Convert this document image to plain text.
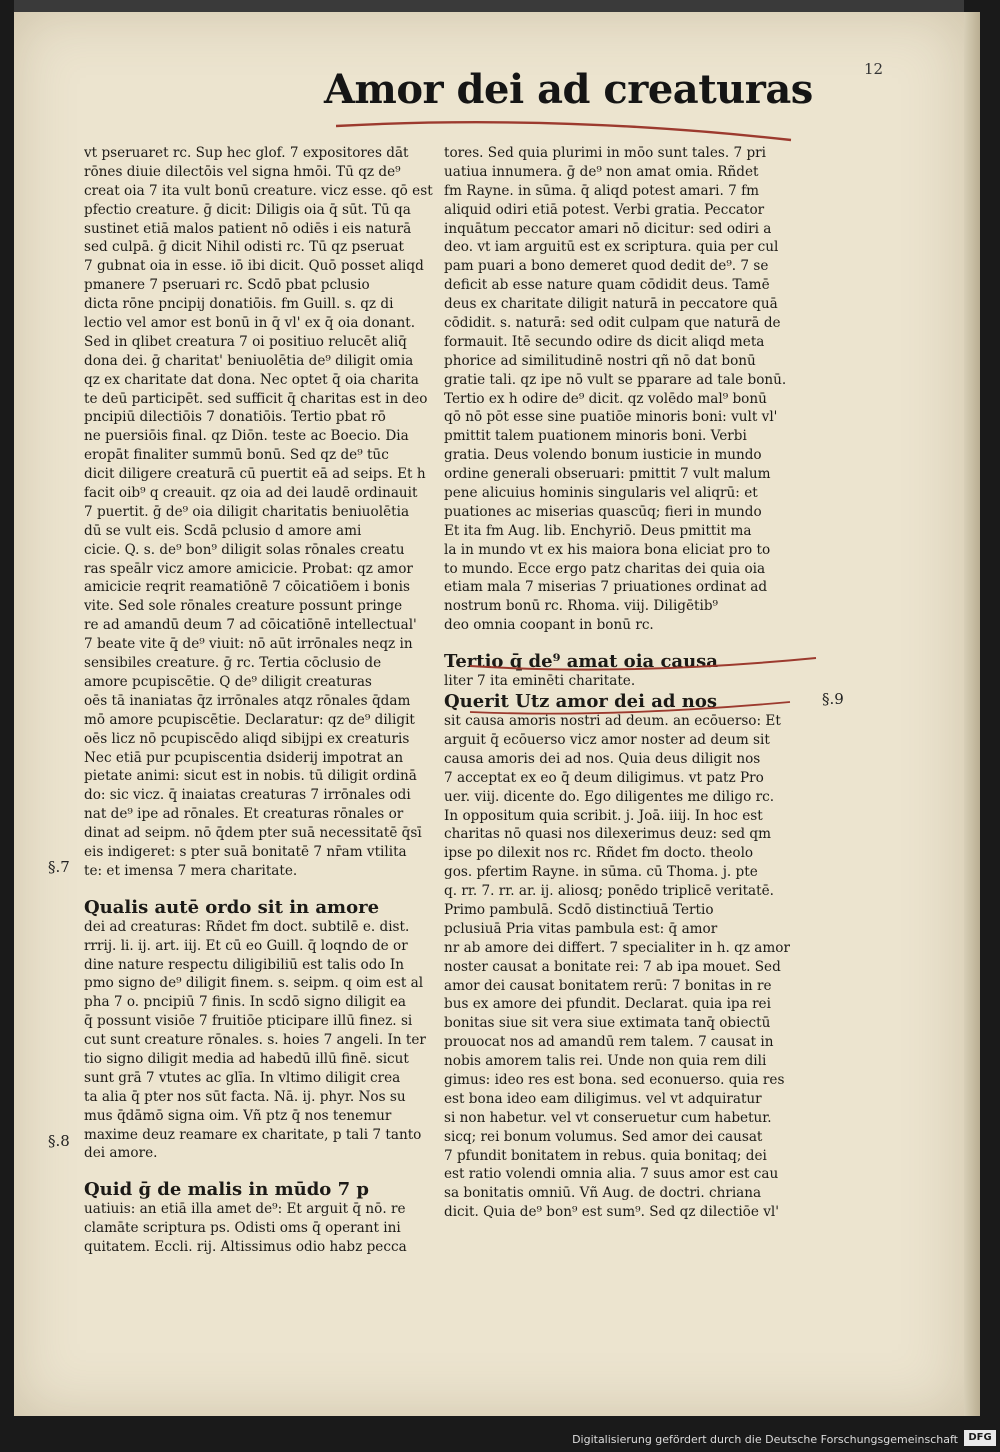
12
Amor dei ad creaturas
vt pseruaret rc. Sup hec glof. 7 expositores dāt
rōnes diuie dilectōis vel signa hmōi. Tū qz de⁹
creat oia 7 ita vult bonū creature. vicz esse. qō est
pfectio creature. ḡ dicit: Diligis oia q̄ sūt. Tū qa
sustinet etiā malos patient nō odiēs i eis naturā
sed culpā. ḡ dicit Nihil odisti rc. Tū qz pseruat
7 gubnat oia in esse. iō ibi dicit. Quō posset aliqd
pmanere 7 pseruari rc. Scdō pbat pclusio
dicta rōne pncipij donatiōis. fm Guill. s. qz di
lectio vel amor est bonū in q̄ vl' ex q̄ oia donant.
Sed in qlibet creatura 7 oi positiuo relucēt aliq̄
dona dei. ḡ charitat' beniuolētia de⁹ diligit omia
qz ex charitate dat dona. Nec optet q̄ oia charita
te deū participēt. sed sufficit q̄ charitas est in deo
pncipiū dilectiōis 7 donatiōis. Tertio pbat rō
ne puersiōis final. qz Diōn. teste ac Boecio. Dia
eropāt finaliter summū bonū. Sed qz de⁹ tūc
dicit diligere creaturā cū puertit eā ad seips. Et h
facit oib⁹ q creauit. qz oia ad dei laudē ordinauit
7 puertit. ḡ de⁹ oia diligit charitatis beniuolētia
dū se vult eis. Scdā pclusio d amore ami
cicie. Q. s. de⁹ bon⁹ diligit solas rōnales creatu
ras speālr vicz amore amicicie. Probat: qz amor
amicicie reqrit reamatiōnē 7 cōicatiōem i bonis
vite. Sed sole rōnales creature possunt pringe
re ad amandū deum 7 ad cōicatiōnē intellectual'
7 beate vite q̄ de⁹ viuit: nō aūt irrōnales neqz in
sensibiles creature. ḡ rc. Tertia cōclusio de
amore pcupiscētie. Q de⁹ diligit creaturas
oēs tā inaniatas q̄z irrōnales atqz rōnales q̄dam
mō amore pcupiscētie. Declaratur: qz de⁹ diligit
oēs licz nō pcupiscēdo aliqd sibijpi ex creaturis
Nec etiā pur pcupiscentia dsiderij impotrat an
pietate animi: sicut est in nobis. tū diligit ordinā
do: sic vicz. q̄ inaiatas creaturas 7 irrōnales odi
nat de⁹ ipe ad rōnales. Et creaturas rōnales or
dinat ad seipm. nō q̄dem pter suā necessitatē q̄sī
eis indigeret: s pter suā bonitatē 7 nr̄am vtilita
te: et imensa 7 mera charitate.
Qualis autē ordo sit in amore
dei ad creaturas: Rñdet fm doct. subtilē e. dist.
rrrij. li. ij. art. iij. Et cū eo Guill. q̄ loqndo de or
dine nature respectu diligibiliū est talis odo In
pmo signo de⁹ diligit finem. s. seipm. q oim est al
pha 7 o. pncipiū 7 finis. In scdō signo diligit ea
q̄ possunt visiōe 7 fruitiōe pticipare illū finez. si
cut sunt creature rōnales. s. hoies 7 angeli. In ter
tio signo diligit media ad habedū illū finē. sicut
sunt grā 7 vtutes ac glīa. In vltimo diligit crea
ta alia q̄ pter nos sūt facta. Nā. ij. phyr. Nos su
mus q̄dāmō signa oim. Vñ ptz q̄ nos tenemur
maxime deuz reamare ex charitate, p tali 7 tanto
dei amore.
Quid ḡ de malis in mūdo 7 p
uatiuis: an etiā illa amet de⁹: Et arguit q̄ nō. re
clamāte scriptura ps. Odisti oms q̄ operant ini
quitatem. Eccli. rij. Altissimus odio habz pecca
tores. Sed quia plurimi in mōo sunt tales. 7 pri
uatiua innumera. ḡ de⁹ non amat omia. Rñdet
fm Rayne. in sūma. q̄ aliqd potest amari. 7 fm
aliquid odiri etiā potest. Verbi gratia. Peccator
inquātum peccator amari nō dicitur: sed odiri a
deo. vt iam arguitū est ex scriptura. quia per cul
pam puari a bono demeret quod dedit de⁹. 7 se
deficit ab esse nature quam cōdidit deus. Tamē
deus ex charitate diligit naturā in peccatore quā
cōdidit. s. naturā: sed odit culpam que naturā de
formauit. Itē secundo odire ds dicit aliqd meta
phorice ad similitudinē nostri qñ nō dat bonū
gratie tali. qz ipe nō vult se pparare ad tale bonū.
Tertio ex h odire de⁹ dicit. qz volēdo mal⁹ bonū
qō nō pōt esse sine puatiōe minoris boni: vult vl'
pmittit talem puationem minoris boni. Verbi
gratia. Deus volendo bonum iusticie in mundo
ordine generali obseruari: pmittit 7 vult malum
pene alicuius hominis singularis vel aliqrū: et
puationes ac miserias quascūq; fieri in mundo
Et ita fm Aug. lib. Enchyriō. Deus pmittit ma
la in mundo vt ex his maiora bona eliciat pro to
to mundo. Ecce ergo patz charitas dei quia oia
etiam mala 7 miserias 7 priuationes ordinat ad
nostrum bonū rc. Rhoma. viij. Diligētib⁹
deo omnia coopant in bonū rc.
Tertio q̄ de⁹ amat oia causa
liter 7 ita eminēti charitate.
Querit Utz amor dei ad nos
sit causa amoris nostri ad deum. an ecōuerso: Et
arguit q̄ ecōuerso vicz amor noster ad deum sit
causa amoris dei ad nos. Quia deus diligit nos
7 acceptat ex eo q̄ deum diligimus. vt patz Pro
uer. viij. dicente do. Ego diligentes me diligo rc.
In oppositum quia scribit. j. Joā. iiij. In hoc est
charitas nō quasi nos dilexerimus deuz: sed qm
ipse po dilexit nos rc. Rñdet fm docto. theolo
gos. pfertim Rayne. in sūma. cū Thoma. j. pte
q. rr. 7. rr. ar. ij. aliosq; ponēdo triplicē veritatē.
Primo pambulā. Scdō distinctiuā Tertio
pclusiuā Pria vitas pambula est: q̄ amor
nr ab amore dei differt. 7 specialiter in h. qz amor
noster causat a bonitate rei: 7 ab ipa mouet. Sed
amor dei causat bonitatem rerū: 7 bonitas in re
bus ex amore dei pfundit. Declarat. quia ipa rei
bonitas siue sit vera siue extimata tanq̄ obiectū
prouocat nos ad amandū rem talem. 7 causat in
nobis amorem talis rei. Unde non quia rem dili
gimus: ideo res est bona. sed econuerso. quia res
est bona ideo eam diligimus. vel vt adquiratur
si non habetur. vel vt conseruetur cum habetur.
sicq; rei bonum volumus. Sed amor dei causat
7 pfundit bonitatem in rebus. quia bonitaq; dei
est ratio volendi omnia alia. 7 suus amor est cau
sa bonitatis omniū. Vñ Aug. de doctri. chriana
dicit. Quia de⁹ bon⁹ est sum⁹. Sed qz dilectiōe vl'
§.7
§.8
§.9
Digitalisierung gefördert durch die Deutsche Forschungsgemeinschaft	DFG
